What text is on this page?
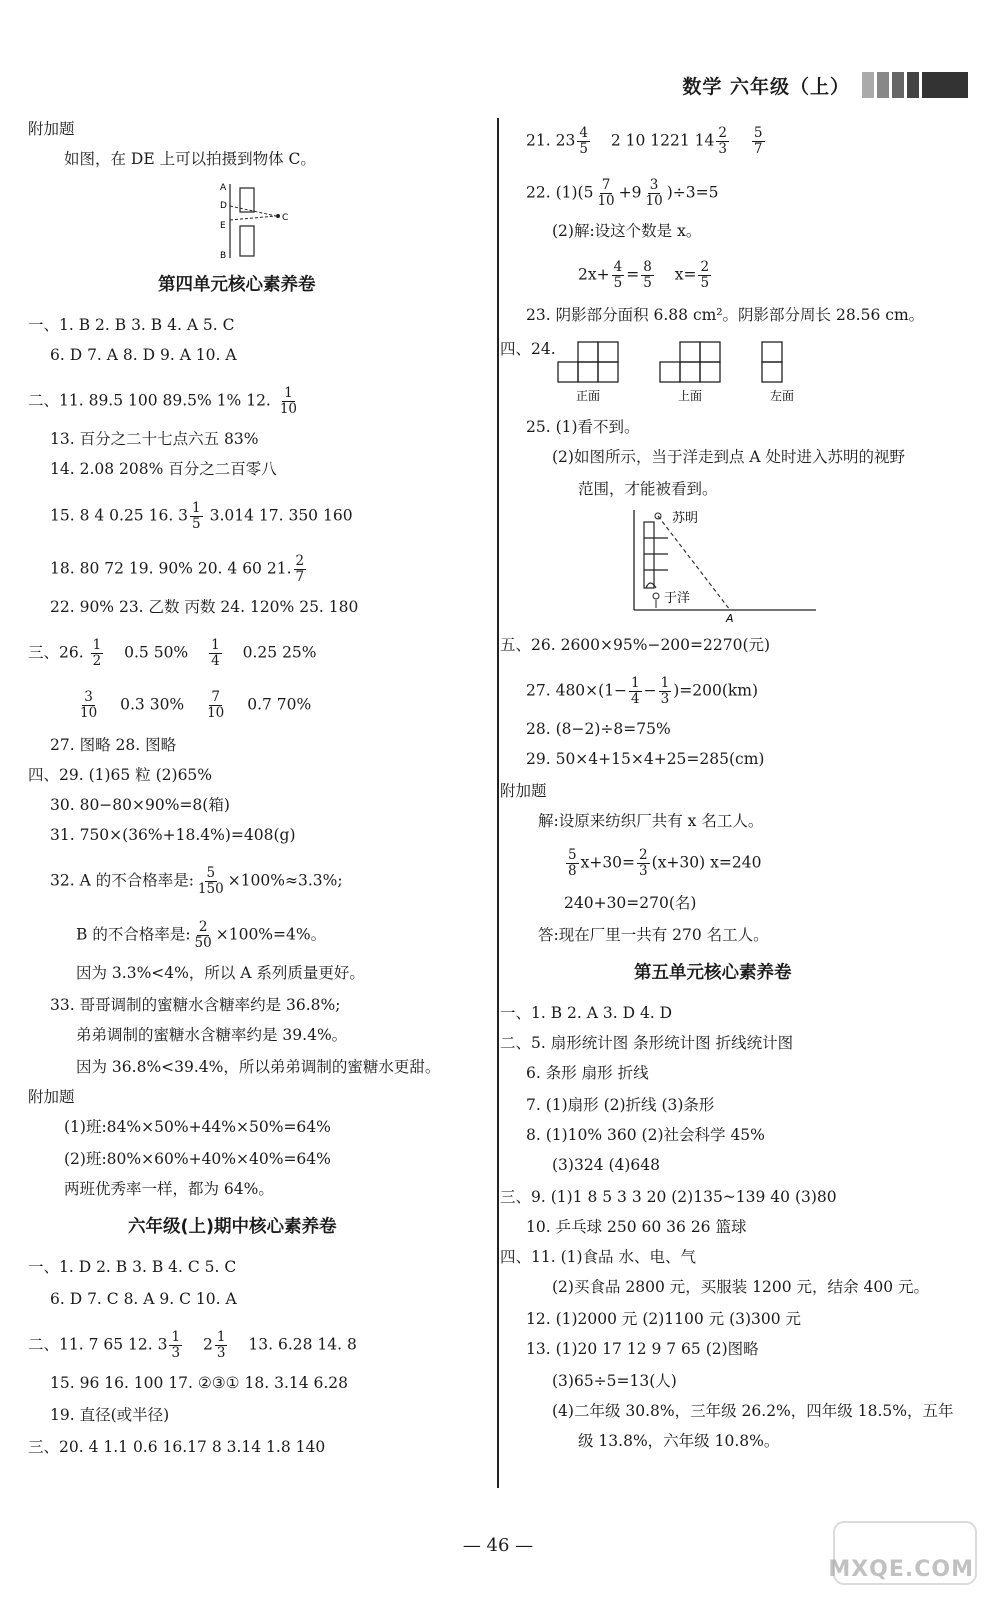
数学 六年级（上）
附加题
如图，在 DE 上可以拍摄到物体 C。
A
D
E
B
C
第四单元核心素养卷
一、1. B 2. B 3. B 4. A 5. C
6. D 7. A 8. D 9. A 10. A
二、11. 89.5 100 89.5% 1% 12. $\frac{1}{10}$
13. 百分之二十七点六五 83%
14. 2.08 208% 百分之二百零八
15. 8 4 0.25 16. $3 \frac{1}{5} 3.014$ 17. 350 160
18. 80 72 19. 90% 20. 4 60 21. $\frac{2}{7}$
22. 90% 23. 乙数 丙数 24. 120% 25. 180
三、26. $\frac{1}{2} 0.5$ $50\% \frac{1}{4} 0.25$ 25%
$\frac{3}{10} 0.3$ $30\% \frac{7}{10} 0.7$ 70%
27. 图略 28. 图略
四、29. (1)65 粒 (2)65%
30. 80−80×90%=8(箱)
31. 750×(36%+18.4%)=408(g)
32. A 的不合格率是: $\frac{5}{150} \times 100\%\approx 3.3\%$;
B 的不合格率是: $\frac{2}{50} \times 100\%=4\%$。
因为 3.3%<4%，所以 A 系列质量更好。
33. 哥哥调制的蜜糖水含糖率约是 36.8%;
弟弟调制的蜜糖水含糖率约是 39.4%。
因为 36.8%<39.4%，所以弟弟调制的蜜糖水更甜。
附加题
(1)班:84%×50%+44%×50%=64%
(2)班:80%×60%+40%×40%=64%
两班优秀率一样，都为 64%。
六年级(上)期中核心素养卷
一、1. D 2. B 3. B 4. C 5. C
6. D 7. C 8. A 9. C 10. A
二、11. 7 65 12. $3 \frac{1}{3} 2 \frac{1}{3} 13$. 6.28 14. 8
15. 96 16. 100 17. ②③① 18. 3.14 6.28
19. 直径(或半径)
三、20. 4 1.1 0.6 16.17 8 3.14 1.8 140
21. $23 \frac{4}{5} 2$ 10 1221 $14 \frac{2}{3}$
$\frac{5}{7}$
22. $(1)(5 \frac{7}{10} +9 \frac{3}{10} )\div 3=5$
(2)解:设这个数是 x。
$2x+ \frac{4}{5} = \frac{8}{5} x= \frac{2}{5}$
23. 阴影部分面积 6.88 cm²。阴影部分周长 28.56 cm。
四、24.
正面	上面	左面
25. (1)看不到。
(2)如图所示，当于洋走到点 A 处时进入苏明的视野
范围，才能被看到。
苏明
于洋
A
五、26. 2600×95%−200=2270(元)
27. $480\times(1- \frac{1}{4} - \frac{1}{3} )=200(km)$
28. (8−2)÷8=75%
29. 50×4+15×4+25=285(cm)
附加题
解:设原来纺织厂共有 x 名工人。
$\frac{5}{8} x+30= \frac{2}{3} (x+30)$ x=240
240+30=270(名)
答:现在厂里一共有 270 名工人。
第五单元核心素养卷
一、1. B 2. A 3. D 4. D
二、5. 扇形统计图 条形统计图 折线统计图
6. 条形 扇形 折线
7. (1)扇形 (2)折线 (3)条形
8. (1)10% 360 (2)社会科学 45%
(3)324 (4)648
三、9. (1)1 8 5 3 3 20 (2)135~139 40 (3)80
10. 乒乓球 250 60 36 26 篮球
四、11. (1)食品 水、电、气
(2)买食品 2800 元，买服装 1200 元，结余 400 元。
12. (1)2000 元 (2)1100 元 (3)300 元
13. (1)20 17 12 9 7 65 (2)图略
(3)65÷5=13(人)
(4)二年级 30.8%，三年级 26.2%，四年级 18.5%，五年
级 13.8%，六年级 10.8%。
— 46 —
MXQE.COM
